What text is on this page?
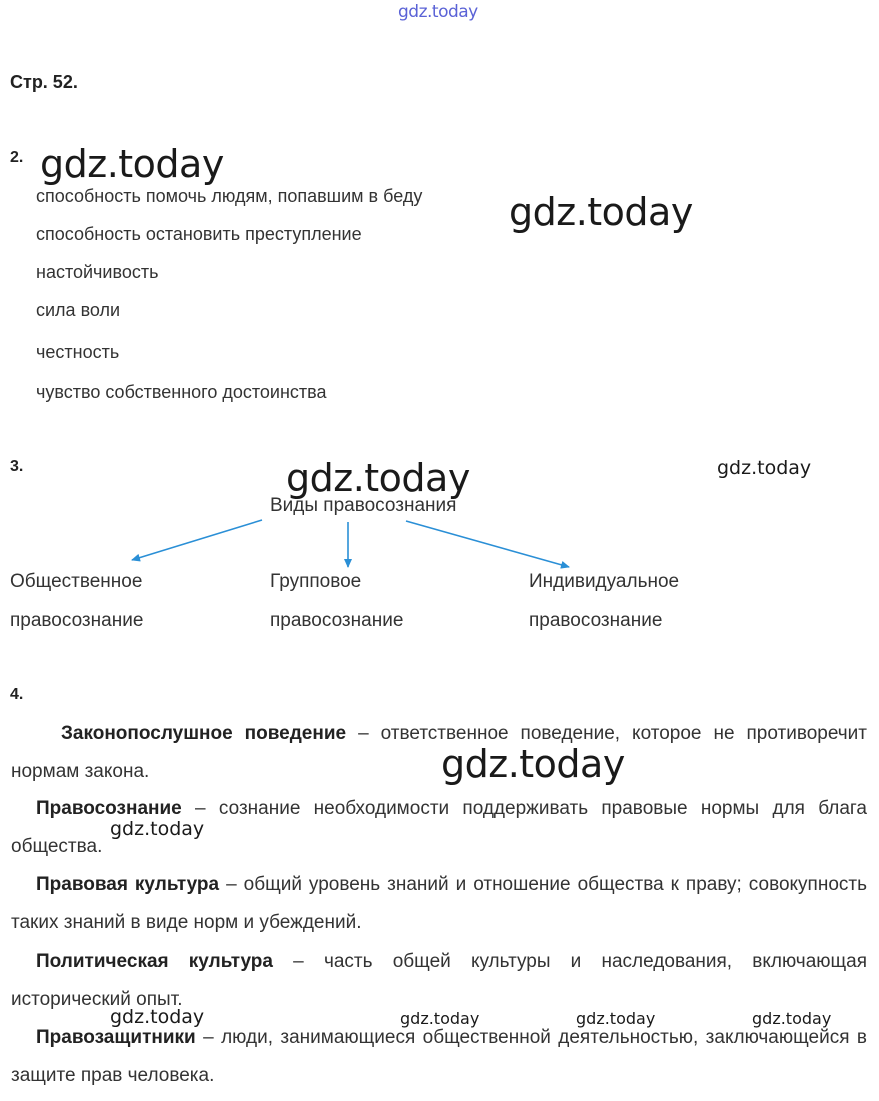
gdz.today
Стр. 52.
2. gdz.today
gdz.today
способность помочь людям, попавшим в беду
способность остановить преступление
настойчивость
сила воли
честность
чувство собственного достоинства
3.	gdz.today	gdz.today
Виды правосознания
Общественное
правосознание
Групповое
правосознание
Индивидуальное
правосознание
4.
Законопослушное поведение – ответственное поведение, которое не противоречит нормам закона.
Правосознание – сознание необходимости поддерживать правовые нормы для блага общества.
Правовая культура – общий уровень знаний и отношение общества к праву; совокупность таких знаний в виде норм и убеждений.
Политическая культура – часть общей культуры и наследования, включающая исторический опыт.
Правозащитники – люди, занимающиеся общественной деятельностью, заключающейся в защите прав человека.
gdz.today
gdz.today
gdz.today	gdz.today	gdz.today	gdz.today
